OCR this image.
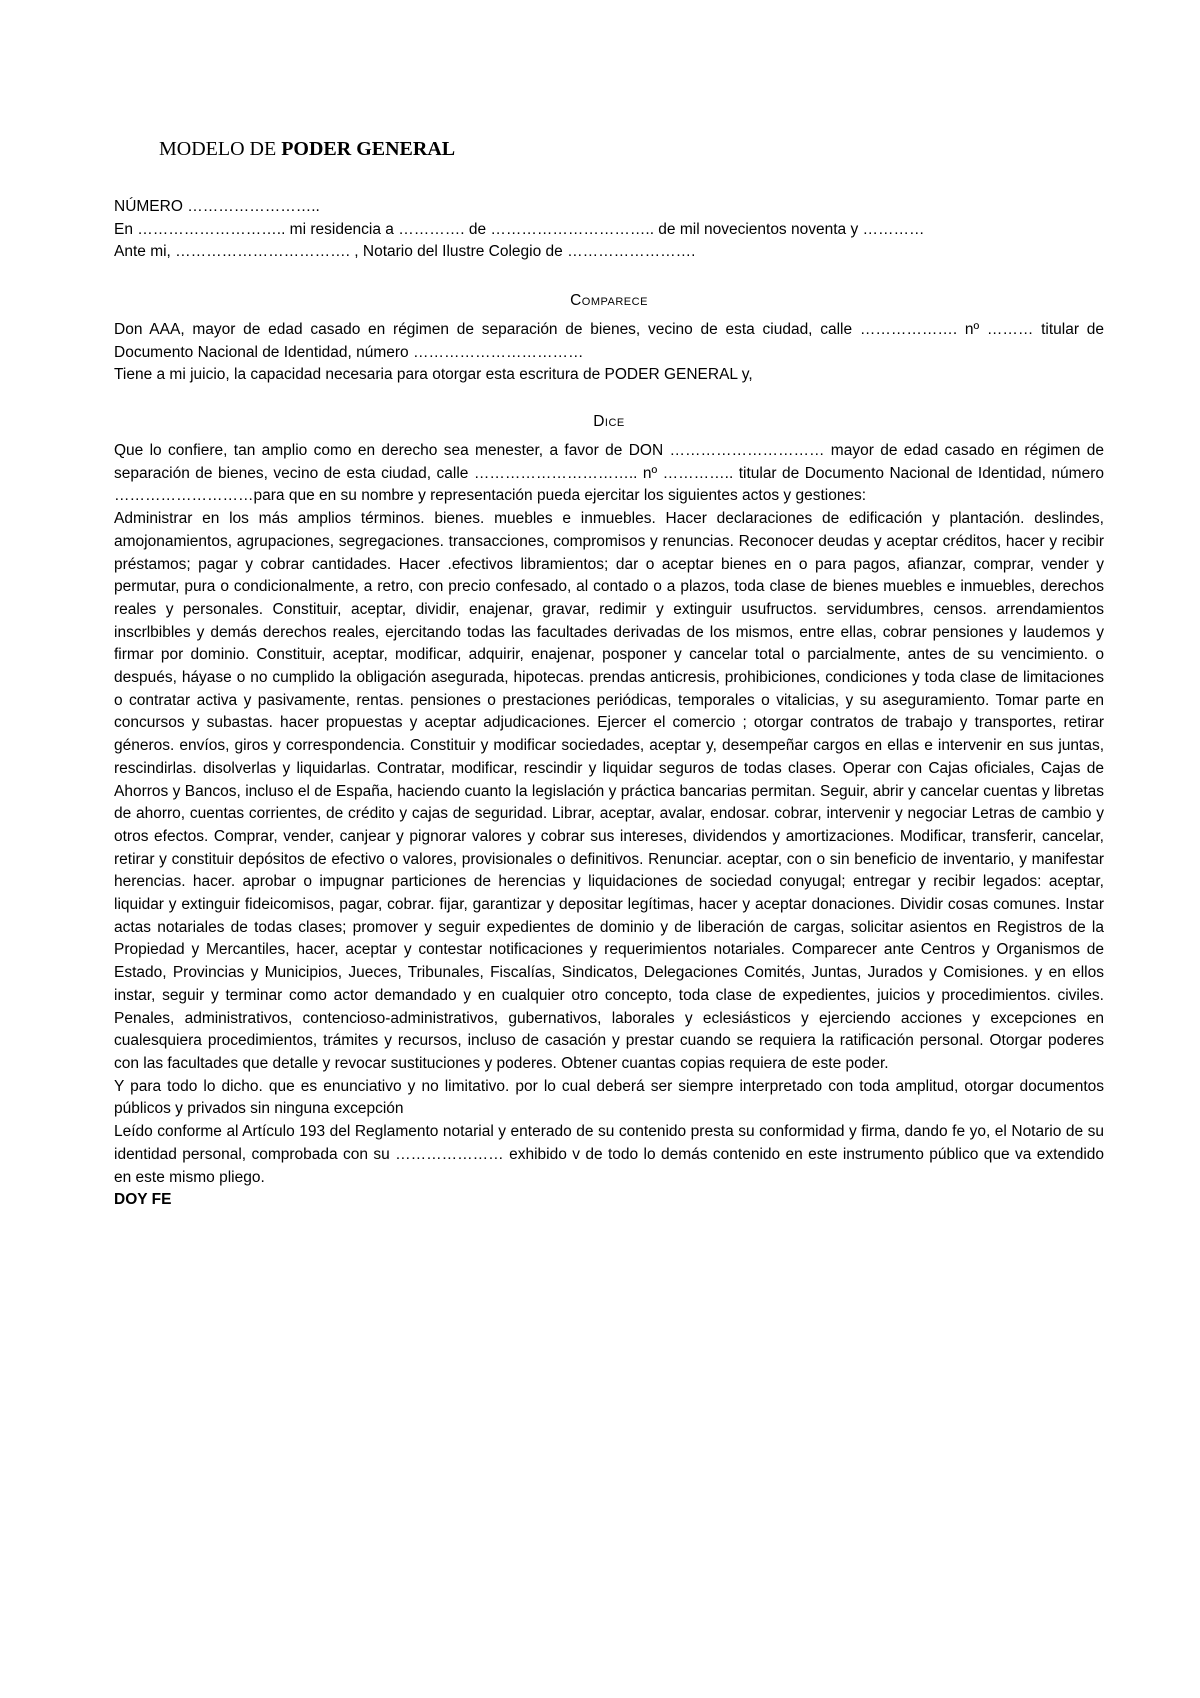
MODELO DE PODER GENERAL
NÚMERO ……………………..
En ……………………….. mi residencia a …………. de ………………………….. de mil novecientos noventa y …………
Ante mi, ……………………………. , Notario del Ilustre Colegio de …………………….
Comparece

Don AAA, mayor de edad casado en régimen de separación de bienes, vecino de esta ciudad, calle ………………. nº ……… titular de Documento Nacional de Identidad, número ……………………………

Tiene a mi juicio, la capacidad necesaria para otorgar esta escritura de PODER GENERAL y,

Dice

Que lo confiere, tan amplio como en derecho sea menester, a favor de DON ………………………… mayor de edad casado en régimen de separación de bienes, vecino de esta ciudad, calle ………………………….. nº ………….. titular de Documento Nacional de Identidad, número ………………………para que en su nombre y representación pueda ejercitar los siguientes actos y gestiones:

Administrar en los más amplios términos. bienes. muebles e inmuebles. Hacer declaraciones de edificación y plantación. deslindes, amojonamientos, agrupaciones, segregaciones. transacciones, compromisos y renuncias. Reconocer deudas y aceptar créditos, hacer y recibir préstamos; pagar y cobrar cantidades. Hacer .efectivos libramientos; dar o aceptar bienes en o para pagos, afianzar, comprar, vender y permutar, pura o condicionalmente, a retro, con precio confesado, al contado o a plazos, toda clase de bienes muebles e inmuebles, derechos reales y personales. Constituir, aceptar, dividir, enajenar, gravar, redimir y extinguir usufructos. servidumbres, censos. arrendamientos inscrlbibles y demás derechos reales, ejercitando todas las facultades derivadas de los mismos, entre ellas, cobrar pensiones y laudemos y firmar por dominio. Constituir, aceptar, modificar, adquirir, enajenar, posponer y cancelar total o parcialmente, antes de su vencimiento. o después, háyase o no cumplido la obligación asegurada, hipotecas. prendas anticresis, prohibiciones, condiciones y toda clase de limitaciones o contratar activa y pasivamente, rentas. pensiones o prestaciones periódicas, temporales o vitalicias, y su aseguramiento. Tomar parte en concursos y subastas. hacer propuestas y aceptar adjudicaciones. Ejercer el comercio ; otorgar contratos de trabajo y transportes, retirar géneros. envíos, giros y correspondencia. Constituir y modificar sociedades, aceptar y, desempeñar cargos en ellas e intervenir en sus juntas, rescindirlas. disolverlas y liquidarlas. Contratar, modificar, rescindir y liquidar seguros de todas clases. Operar con Cajas oficiales, Cajas de Ahorros y Bancos, incluso el de España, haciendo cuanto la legislación y práctica bancarias permitan. Seguir, abrir y cancelar cuentas y libretas de ahorro, cuentas corrientes, de crédito y cajas de seguridad. Librar, aceptar, avalar, endosar. cobrar, intervenir y negociar Letras de cambio y otros efectos. Comprar, vender, canjear y pignorar valores y cobrar sus intereses, dividendos y amortizaciones. Modificar, transferir, cancelar, retirar y constituir depósitos de efectivo o valores, provisionales o definitivos. Renunciar. aceptar, con o sin beneficio de inventario, y manifestar herencias. hacer. aprobar o impugnar particiones de herencias y liquidaciones de sociedad conyugal; entregar y recibir legados: aceptar, liquidar y extinguir fideicomisos, pagar, cobrar. fijar, garantizar y depositar legítimas, hacer y aceptar donaciones. Dividir cosas comunes. Instar actas notariales de todas clases; promover y seguir expedientes de dominio y de liberación de cargas, solicitar asientos en Registros de la Propiedad y Mercantiles, hacer, aceptar y contestar notificaciones y requerimientos notariales. Comparecer ante Centros y Organismos de Estado, Provincias y Municipios, Jueces, Tribunales, Fiscalías, Sindicatos, Delegaciones Comités, Juntas, Jurados y Comisiones. y en ellos instar, seguir y terminar como actor demandado y en cualquier otro concepto, toda clase de expedientes, juicios y procedimientos. civiles. Penales, administrativos, contencioso-administrativos, gubernativos, laborales y eclesiásticos y ejerciendo acciones y excepciones en cualesquiera procedimientos, trámites y recursos, incluso de casación y prestar cuando se requiera la ratificación personal. Otorgar poderes con las facultades que detalle y revocar sustituciones y poderes. Obtener cuantas copias requiera de este poder.

Y para todo lo dicho. que es enunciativo y no limitativo. por lo cual deberá ser siempre interpretado con toda amplitud, otorgar documentos públicos y privados sin ninguna excepción

Leído conforme al Artículo 193 del Reglamento notarial y enterado de su contenido presta su conformidad y firma, dando fe yo, el Notario de su identidad personal, comprobada con su ………………… exhibido v de todo lo demás contenido en este instrumento público que va extendido en este mismo pliego.

DOY FE
